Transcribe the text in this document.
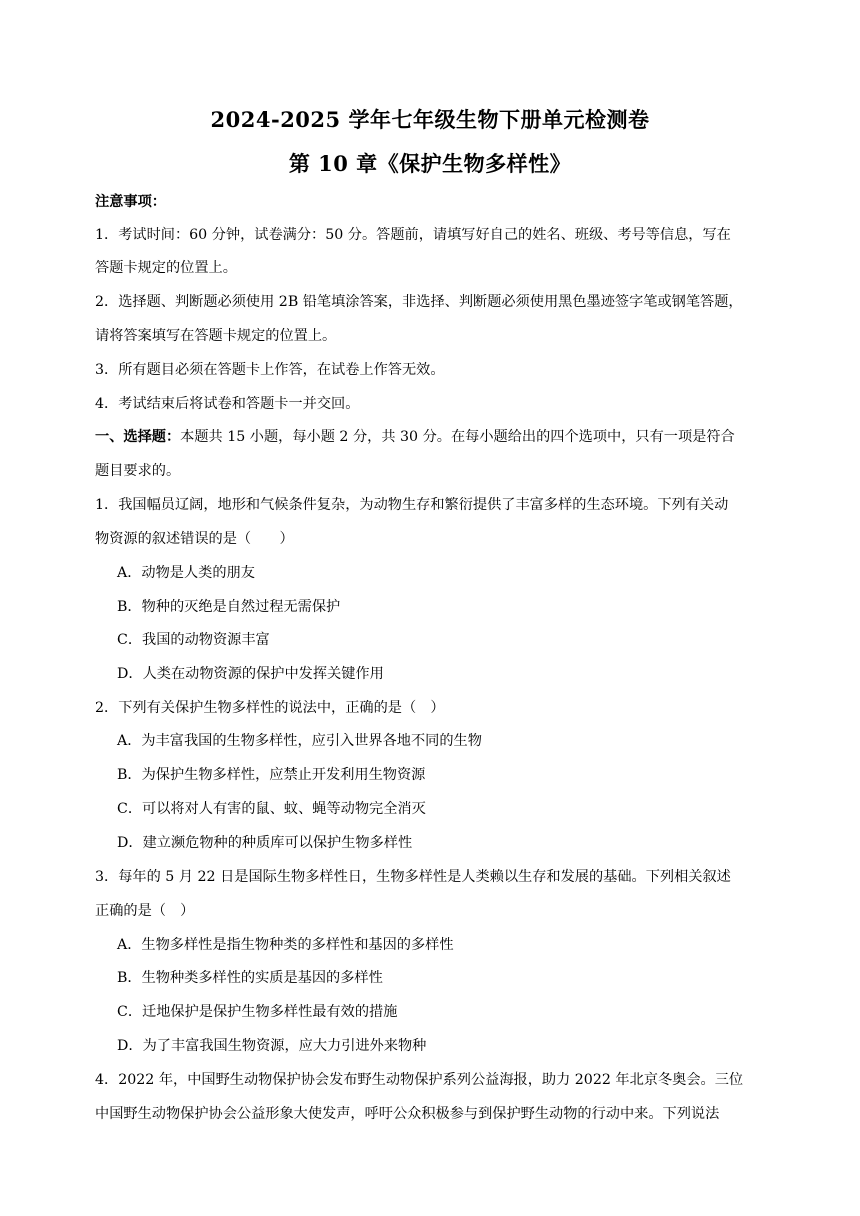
2024-2025 学年七年级生物下册单元检测卷
第 10 章《保护生物多样性》
注意事项：
1．考试时间：60 分钟，试卷满分：50 分。答题前，请填写好自己的姓名、班级、考号等信息，写在
答题卡规定的位置上。
2．选择题、判断题必须使用 2B 铅笔填涂答案，非选择、判断题必须使用黑色墨迹签字笔或钢笔答题，
请将答案填写在答题卡规定的位置上。
3．所有题目必须在答题卡上作答，在试卷上作答无效。
4．考试结束后将试卷和答题卡一并交回。
一、选择题：本题共 15 小题，每小题 2 分，共 30 分。在每小题给出的四个选项中，只有一项是符合
题目要求的。
1．我国幅员辽阔，地形和气候条件复杂，为动物生存和繁衍提供了丰富多样的生态环境。下列有关动
物资源的叙述错误的是（　　）
A．动物是人类的朋友
B．物种的灭绝是自然过程无需保护
C．我国的动物资源丰富
D．人类在动物资源的保护中发挥关键作用
2．下列有关保护生物多样性的说法中，正确的是（　）
A．为丰富我国的生物多样性，应引入世界各地不同的生物
B．为保护生物多样性，应禁止开发利用生物资源
C．可以将对人有害的鼠、蚊、蝇等动物完全消灭
D．建立濒危物种的种质库可以保护生物多样性
3．每年的 5 月 22 日是国际生物多样性日，生物多样性是人类赖以生存和发展的基础。下列相关叙述
正确的是（　）
A．生物多样性是指生物种类的多样性和基因的多样性
B．生物种类多样性的实质是基因的多样性
C．迁地保护是保护生物多样性最有效的措施
D．为了丰富我国生物资源，应大力引进外来物种
4．2022 年，中国野生动物保护协会发布野生动物保护系列公益海报，助力 2022 年北京冬奥会。三位
中国野生动物保护协会公益形象大使发声，呼吁公众积极参与到保护野生动物的行动中来。下列说法
